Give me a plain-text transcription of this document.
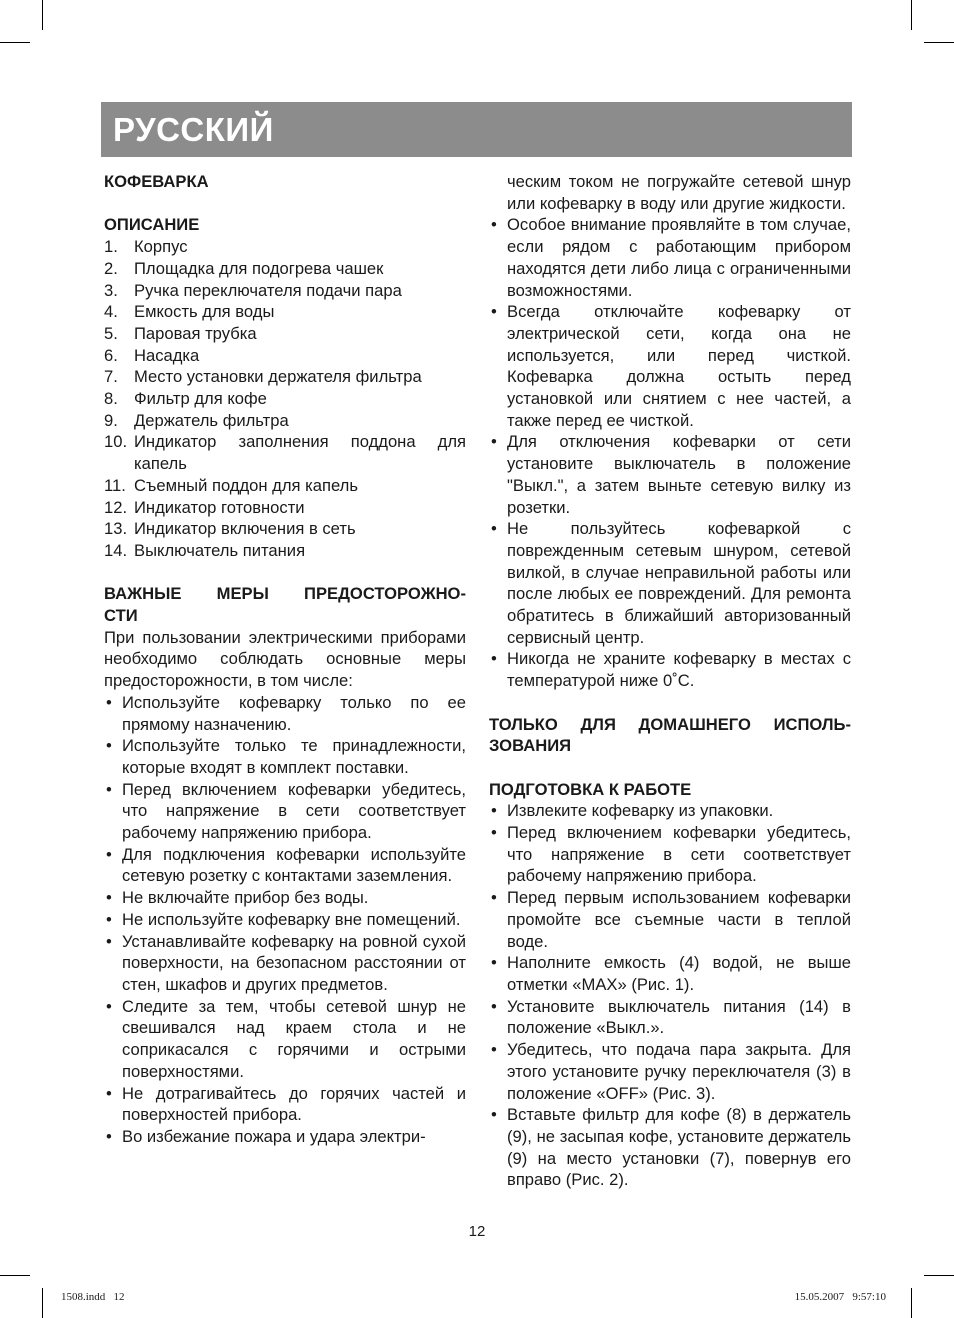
РУССКИЙ
КОФЕВАРКА
ОПИСАНИЕ
1. Корпус
2. Площадка для подогрева чашек
3. Ручка переключателя подачи пара
4. Емкость для воды
5. Паровая трубка
6. Насадка
7. Место установки держателя фильтра
8. Фильтр для кофе
9. Держатель фильтра
10. Индикатор заполнения поддона для капель
11. Съемный поддон для капель
12. Индикатор готовности
13. Индикатор включения в сеть
14. Выключатель питания
ВАЖНЫЕ МЕРЫ ПРЕДОСТОРОЖНО-
СТИ
При пользовании электрическими приборами необходимо соблюдать основные меры предосторожности, в том числе:
• Используйте кофеварку только по ее прямому назначению.
• Используйте только те принадлежности, которые входят в комплект поставки.
• Перед включением кофеварки убедитесь, что напряжение в сети соответствует рабочему напряжению прибора.
• Для подключения кофеварки используйте сетевую розетку с контактами заземления.
• Не включайте прибор без воды.
• Не используйте кофеварку вне помещений.
• Устанавливайте кофеварку на ровной сухой поверхности, на безопасном расстоянии от стен, шкафов и других предметов.
• Следите за тем, чтобы сетевой шнур не свешивался над краем стола и не соприкасался с горячими и острыми поверхностями.
• Не дотрагивайтесь до горячих частей и поверхностей прибора.
• Во избежание пожара и удара электри-
ческим током не погружайте сетевой шнур или кофеварку в воду или другие жидкости.
• Особое внимание проявляйте в том случае, если рядом с работающим прибором находятся дети либо лица с ограниченными возможностями.
• Всегда отключайте кофеварку от электрической сети, когда она не используется, или перед чисткой. Кофеварка должна остыть перед установкой или снятием с нее частей, а также перед ее чисткой.
• Для отключения кофеварки от сети установите выключатель в положение "Выкл.", а затем выньте сетевую вилку из розетки.
• Не пользуйтесь кофеваркой с поврежденным сетевым шнуром, сетевой вилкой, в случае неправильной работы или после любых ее повреждений. Для ремонта обратитесь в ближайший авторизованный сервисный центр.
• Никогда не храните кофеварку в местах с температурой ниже 0˚С.
ТОЛЬКО ДЛЯ ДОМАШНЕГО ИСПОЛЬ-
ЗОВАНИЯ
ПОДГОТОВКА К РАБОТЕ
• Извлеките кофеварку из упаковки.
• Перед включением кофеварки убедитесь, что напряжение в сети соответствует рабочему напряжению прибора.
• Перед первым использованием кофеварки промойте все съемные части в теплой воде.
• Наполните емкость (4) водой, не выше отметки «MAX» (Рис. 1).
• Установите выключатель питания (14) в положение «Выкл.».
• Убедитесь, что подача пара закрыта. Для этого установите ручку переключателя (3) в положение «OFF» (Рис. 3).
• Вставьте фильтр для кофе (8) в держатель (9), не засыпая кофе, установите держатель (9) на место установки (7), повернув его вправо (Рис. 2).
12
1508.indd   12	15.05.2007   9:57:10
